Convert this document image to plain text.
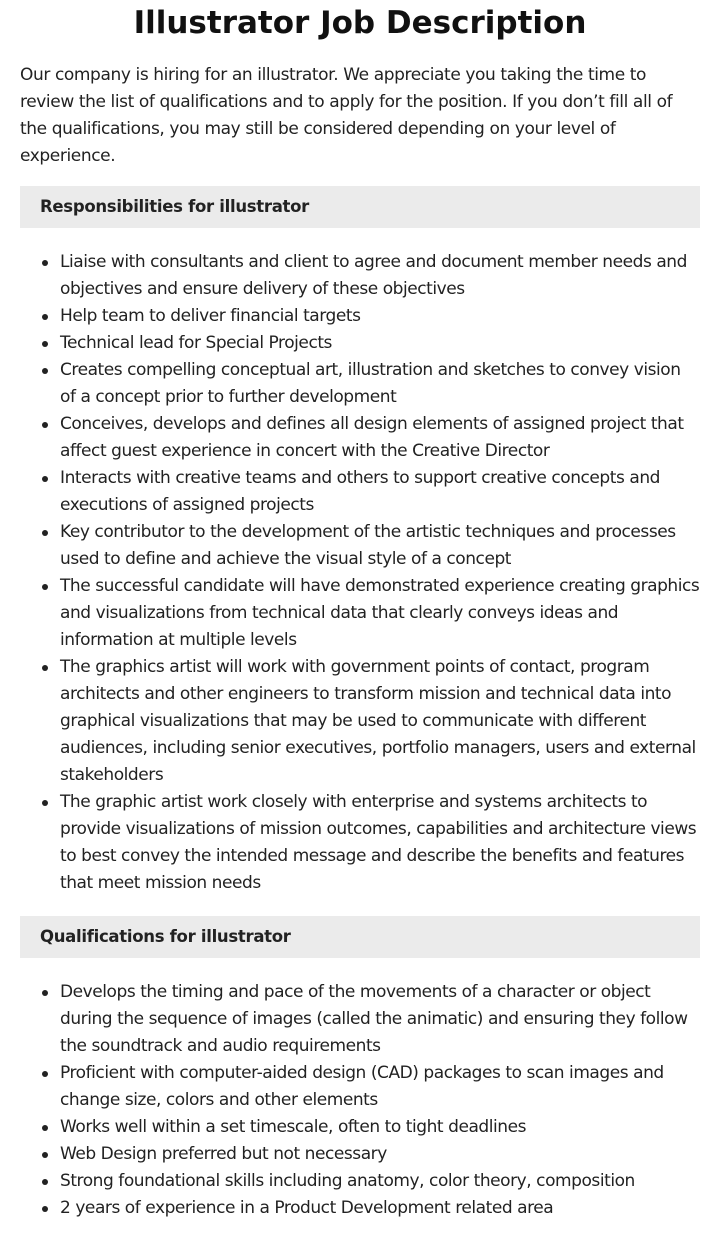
Illustrator Job Description

Our company is hiring for an illustrator. We appreciate you taking the time to review the list of qualifications and to apply for the position. If you don’t fill all of the qualifications, you may still be considered depending on your level of experience.

Responsibilities for illustrator
Liaise with consultants and client to agree and document member needs and objectives and ensure delivery of these objectives
Help team to deliver financial targets
Technical lead for Special Projects
Creates compelling conceptual art, illustration and sketches to convey vision of a concept prior to further development
Conceives, develops and defines all design elements of assigned project that affect guest experience in concert with the Creative Director
Interacts with creative teams and others to support creative concepts and executions of assigned projects
Key contributor to the development of the artistic techniques and processes used to define and achieve the visual style of a concept
The successful candidate will have demonstrated experience creating graphics and visualizations from technical data that clearly conveys ideas and information at multiple levels
The graphics artist will work with government points of contact, program architects and other engineers to transform mission and technical data into graphical visualizations that may be used to communicate with different audiences, including senior executives, portfolio managers, users and external stakeholders
The graphic artist work closely with enterprise and systems architects to provide visualizations of mission outcomes, capabilities and architecture views to best convey the intended message and describe the benefits and features that meet mission needs
Qualifications for illustrator
Develops the timing and pace of the movements of a character or object during the sequence of images (called the animatic) and ensuring they follow the soundtrack and audio requirements
Proficient with computer-aided design (CAD) packages to scan images and change size, colors and other elements
Works well within a set timescale, often to tight deadlines
Web Design preferred but not necessary
Strong foundational skills including anatomy, color theory, composition
2 years of experience in a Product Development related area
